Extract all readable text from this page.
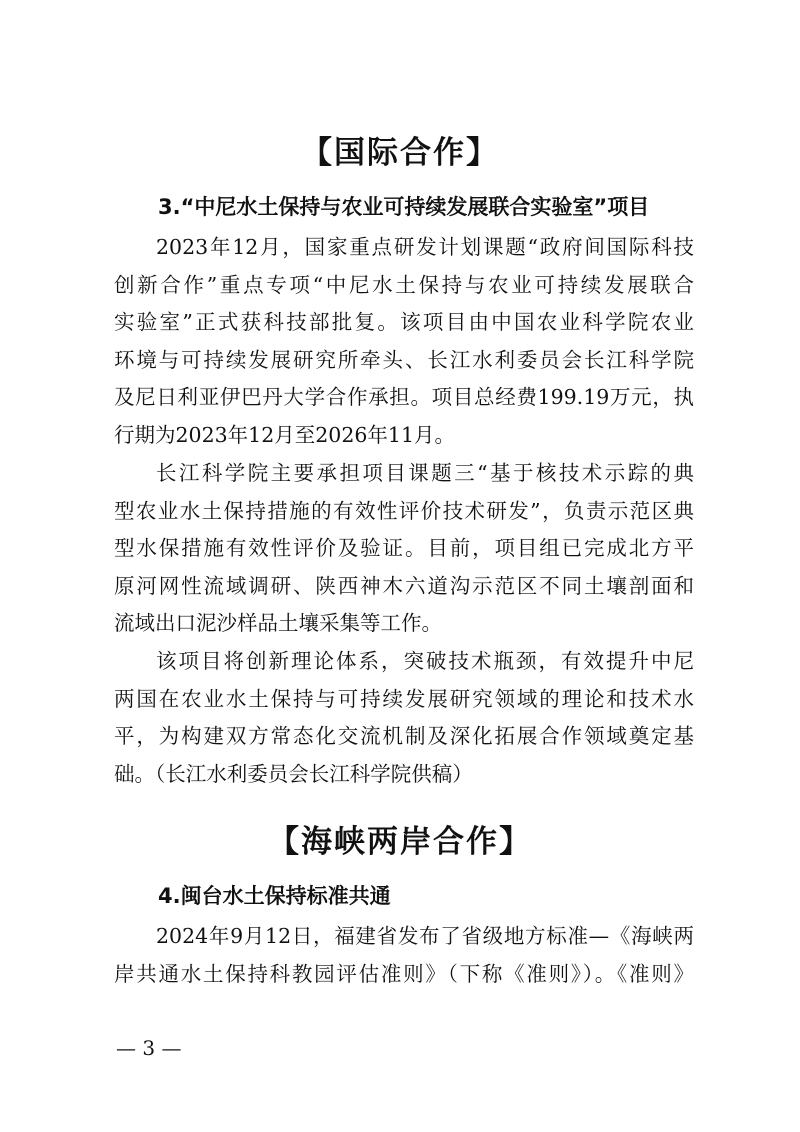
【国际合作】
3.“中尼水土保持与农业可持续发展联合实验室”项目

2023年12月，国家重点研发计划课题“政府间国际科技
创新合作”重点专项“中尼水土保持与农业可持续发展联合
实验室”正式获科技部批复。该项目由中国农业科学院农业
环境与可持续发展研究所牵头、长江水利委员会长江科学院
及尼日利亚伊巴丹大学合作承担。项目总经费199.19万元，执
行期为2023年12月至2026年11月。

长江科学院主要承担项目课题三“基于核技术示踪的典
型农业水土保持措施的有效性评价技术研发”，负责示范区典
型水保措施有效性评价及验证。目前，项目组已完成北方平
原河网性流域调研、陕西神木六道沟示范区不同土壤剖面和
流域出口泥沙样品土壤采集等工作。

该项目将创新理论体系，突破技术瓶颈，有效提升中尼
两国在农业水土保持与可持续发展研究领域的理论和技术水
平，为构建双方常态化交流机制及深化拓展合作领域奠定基
础。（长江水利委员会长江科学院供稿）

【海峡两岸合作】
4.闽台水土保持标准共通

2024年9月12日，福建省发布了省级地方标准—《海峡两
岸共通水土保持科教园评估准则》（下称《准则》）。《准则》

— 3 —
